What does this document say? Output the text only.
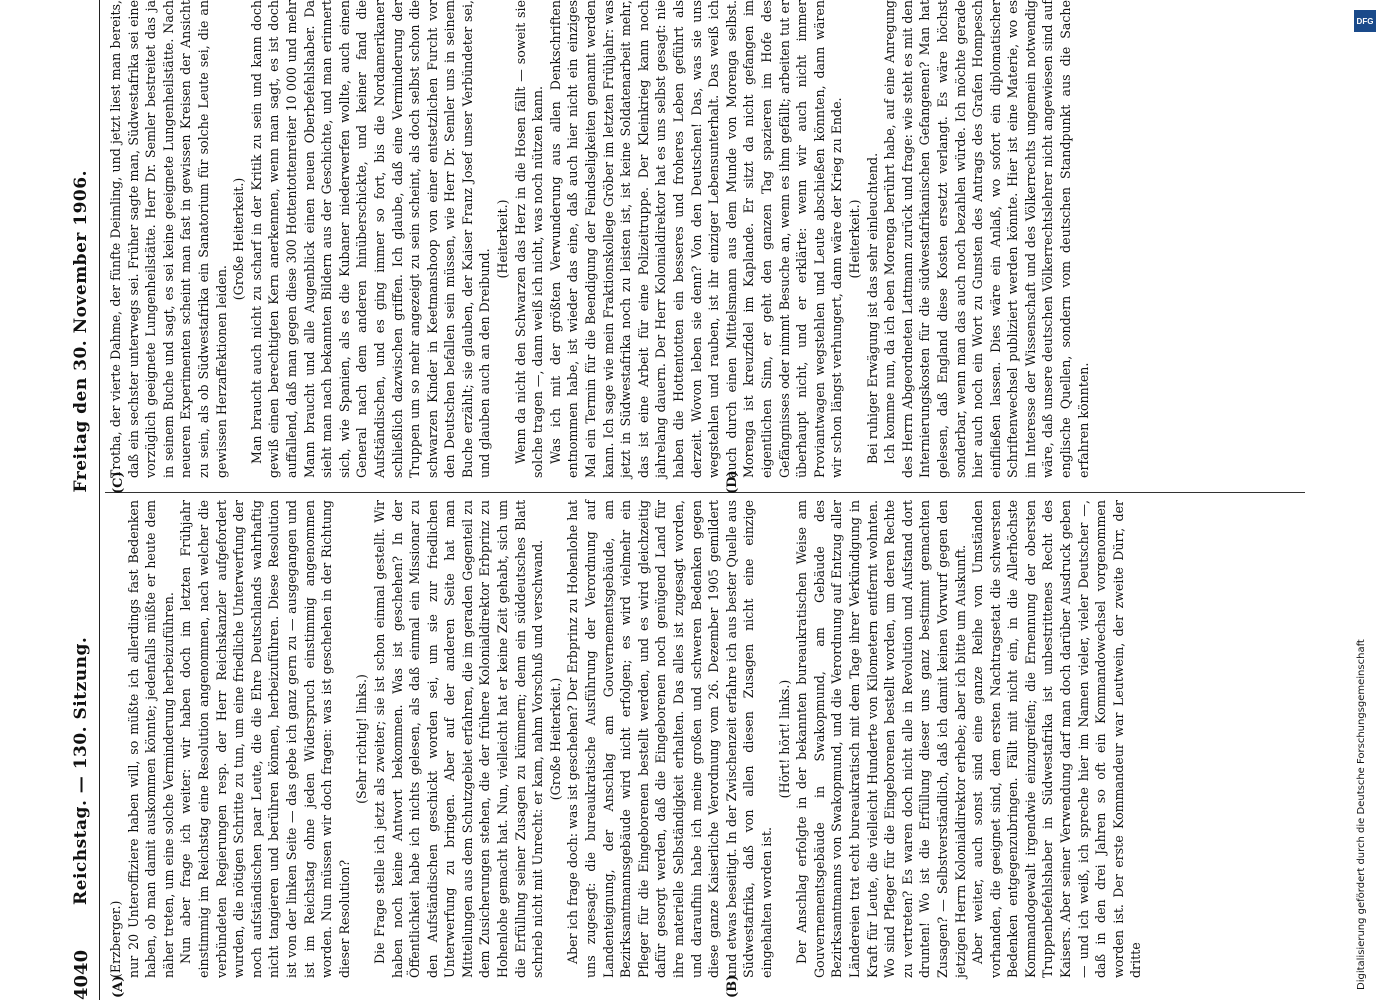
4040
Reichstag. — 130. Sitzung.
Freitag den 30. November 1906.
(A)	(B)
(C)	(D)

(Erzberger.) nur 20 Unteroffiziere haben will, so müßte ich allerdings fast Bedenken haben, ob man damit auskommen könnte; jedenfalls müßte er heute dem näher treten, um eine solche Verminderung herbeizuführen. Nun aber frage ich weiter: wir haben doch im letzten Frühjahr einstimmig im Reichstag eine Resolution angenommen, nach welcher die verbündeten Regierungen resp. der Herr Reichskanzler aufgefordert wurden, die nötigen Schritte zu tun, um eine friedliche Unterwerfung der noch aufständischen paar Leute, die die Ehre Deutschlands wahrhaftig nicht tangieren und berühren können, herbeizuführen. Diese Resolution ist von der linken Seite — das gebe ich ganz gern zu — ausgegangen und ist im Reichstag ohne jeden Widerspruch einstimmig angenommen worden. Nun müssen wir doch fragen: was ist geschehen in der Richtung dieser Resolution?

(Sehr richtig! links.) Die Frage stelle ich jetzt als zweiter; sie ist schon einmal gestellt. Wir haben noch keine Antwort bekommen. Was ist geschehen? In der Öffentlichkeit habe ich nichts gelesen, als daß einmal ein Missionar zu den Aufständischen geschickt worden sei, um sie zur friedlichen Unterwerfung zu bringen. Aber auf der anderen Seite hat man Mitteilungen aus dem Schutzgebiet erfahren, die im geraden Gegenteil zu dem Zusicherungen stehen, die der frühere Kolonialdirektor Erbprinz zu Hohenlohe gemacht hat. Nun, vielleicht hat er keine Zeit gehabt, sich um die Erfüllung seiner Zusagen zu kümmern; denn ein süddeutsches Blatt schrieb nicht mit Unrecht: er kam, nahm Vorschuß und verschwand. (Große Heiterkeit.) Aber ich frage doch: was ist geschehen? Der Erbprinz zu Hohenlohe hat uns zugesagt: die bureaukratische Ausführung der Verordnung auf Landenteignung, der Anschlag am Gouvernementsgebäude, am Bezirksamtmannsgebäude wird nicht erfolgen; es wird vielmehr ein Pfleger für die Eingeborenen bestellt werden, und es wird gleichzeitig dafür gesorgt werden, daß die Eingeborenen noch genügend Land für ihre materielle Selbständigkeit erhalten. Das alles ist zugesagt worden, und daraufhin habe ich meine großen und schweren Bedenken gegen diese ganze Kaiserliche Verordnung vom 26. Dezember 1905 gemildert und etwas beseitigt. In der Zwischenzeit erfahre ich aus bester Quelle aus Südwestafrika, daß von allen diesen Zusagen nicht eine einzige eingehalten worden ist.

(Hört! hört! links.) Der Anschlag erfolgte in der bekannten bureaukratischen Weise am Gouvernementsgebäude in Swakopmund, am Gebäude des Bezirksamtmanns von Swakopmund, und die Verordnung auf Entzug aller Ländereien trat echt bureaukratisch mit dem Tage ihrer Verkündigung in Kraft für Leute, die vielleicht Hunderte von Kilometern entfernt wohnten. Wo sind Pfleger für die Eingeborenen bestellt worden, um deren Rechte zu vertreten? Es waren doch nicht alle in Revolution und Aufstand dort drunten! Wo ist die Erfüllung dieser uns ganz bestimmt gemachten Zusagen? — Selbstverständlich, daß ich damit keinen Vorwurf gegen den jetzigen Herrn Kolonialdirektor erhebe; aber ich bitte um Auskunft. Aber weiter, auch sonst sind eine ganze Reihe von Umständen vorhanden, die geeignet sind, dem ersten Nachtragsetat die schwersten Bedenken entgegenzubringen. Fällt mit nicht ein, in die Allerhöchste Kommandogewalt irgendwie einzugreifen; die Ernennung der obersten Truppenbefehlshaber in Südwestafrika ist unbestrittenes Recht des Kaisers. Aber seiner Verwendung darf man doch darüber Ausdruck geben — und ich weiß, ich spreche hier im Namen vieler, vieler Deutscher —, daß in den drei Jahren so oft ein Kommandowechsel vorgenommen worden ist. Der erste Kommandeur war Leutwein, der zweite Dürr, der dritte

Trotha, der vierte Dahme, der fünfte Deimling, und jetzt liest man bereits, daß ein sechster unterwegs sei. Früher sagte man, Südwestafrika sei eine vorzüglich geeignete Lungenheilstätte. Herr Dr. Semler bestreitet das ja in seinem Buche und sagt, es sei keine geeignete Lungenheilstätte. Nach neueren Experimenten scheint man fast in gewissen Kreisen der Ansicht zu sein, als ob Südwestafrika ein Sanatorium für solche Leute sei, die an gewissen Herzaffektionen leiden.

(Große Heiterkeit.) Man braucht auch nicht zu scharf in der Kritik zu sein und kann doch gewiß einen berechtigten Kern anerkennen, wenn man sagt, es ist doch auffallend, daß man gegen diese 300 Hottentottenreiter 10 000 und mehr Mann braucht und alle Augenblick einen neuen Oberbefehlshaber. Da sieht man nach bekannten Bildern aus der Geschichte, und man erinnert sich, wie Spanien, als es die Kubaner niederwerfen wollte, auch einen General nach dem anderen hinüberschickte, und keiner fand die Aufständischen, und es ging immer so fort, bis die Nordamerikaner schließlich dazwischen griffen. Ich glaube, daß eine Verminderung der Truppen um so mehr angezeigt zu sein scheint, als doch selbst schon die schwarzen Kinder in Keetmanshoop von einer entsetzlichen Furcht vor den Deutschen befallen sein müssen, wie Herr Dr. Semler uns in seinem Buche erzählt; sie glauben, der Kaiser Franz Josef unser Verbündeter sei, und glauben auch an den Dreibund.

(Heiterkeit.) Wenn da nicht den Schwarzen das Herz in die Hosen fällt — soweit sie solche tragen —, dann weiß ich nicht, was noch nützen kann. Was ich mit der größten Verwunderung aus allen Denkschriften entnommen habe, ist wieder das eine, daß auch hier nicht ein einziges Mal ein Termin für die Beendigung der Feindseligkeiten genannt werden kann. Ich sage wie mein Fraktionskollege Gröber im letzten Frühjahr: was jetzt in Südwestafrika noch zu leisten ist, ist keine Soldatenarbeit mehr, das ist eine Arbeit für eine Polizeitruppe. Der Kleinkrieg kann noch jahrelang dauern. Der Herr Kolonialdirektor hat es uns selbst gesagt: nie haben die Hottentotten ein besseres und froheres Leben geführt als derzeit. Wovon leben sie denn? Von den Deutschen! Das, was sie uns wegstehlen und rauben, ist ihr einziger Lebensunterhalt. Das weiß ich auch durch einen Mittelsmann aus dem Munde von Morenga selbst. Morenga ist kreuzfidel im Kaplande. Er sitzt da nicht gefangen im eigentlichen Sinn, er geht den ganzen Tag spazieren im Hofe des Gefängnisses oder nimmt Besuche an, wenn es ihm gefällt; arbeiten tut er überhaupt nicht, und er erklärte: wenn wir auch nicht immer Proviantwagen wegstehlen und Leute abschießen könnten, dann wären wir schon längst verhungert, dann wäre der Krieg zu Ende. (Heiterkeit.) Bei ruhiger Erwägung ist das sehr einleuchtend. Ich komme nun, da ich eben Morenga berührt habe, auf eine Anregung des Herrn Abgeordneten Lattmann zurück und frage: wie steht es mit den Internierungskosten für die südwestafrikanischen Gefangenen? Man hat gelesen, daß England diese Kosten ersetzt verlangt. Es wäre höchst sonderbar, wenn man das auch noch bezahlen würde. Ich möchte gerade hier auch noch ein Wort zu Gunsten des Antrags des Grafen Hompesch einfließen lassen. Dies wäre ein Anlaß, wo sofort ein diplomatischer Schriftenwechsel publiziert werden könnte. Hier ist eine Materie, wo es im Interesse der Wissenschaft und des Völkerrechts ungemein notwendig wäre, daß unsere deutschen Völkerrechtslehrer nicht angewiesen sind auf englische Quellen, sondern vom deutschen Standpunkt aus die Sache erfahren könnten.

DFG
Digitalisierung gefördert durch die Deutsche Forschungsgemeinschaft
